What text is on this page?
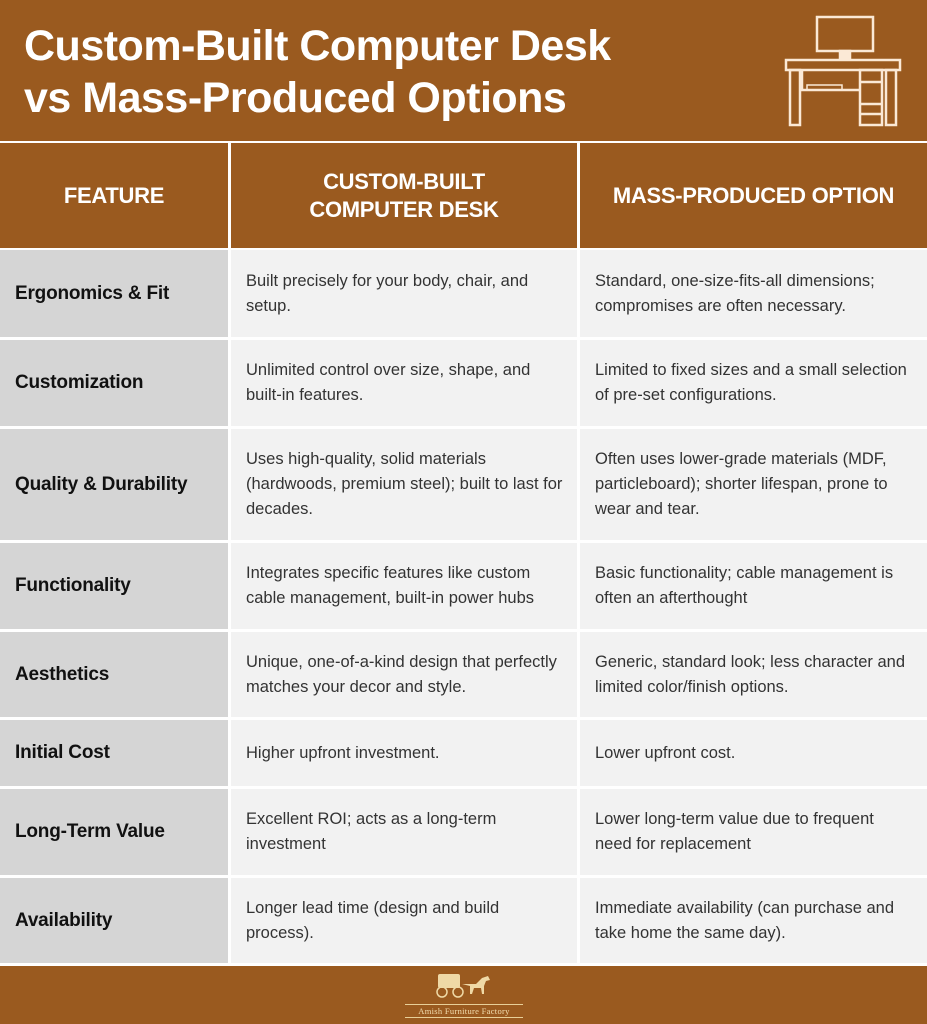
Custom-Built Computer Desk
vs Mass-Produced Options
FEATURE
CUSTOM-BUILT COMPUTER DESK
MASS-PRODUCED OPTION
Ergonomics & Fit
Built precisely for your body, chair, and setup.
Standard, one-size-fits-all dimensions; compromises are often necessary.
Customization
Unlimited control over size, shape, and built-in features.
Limited to fixed sizes and a small selection of pre-set configurations.
Quality & Durability
Uses high-quality, solid materials (hardwoods, premium steel); built to last for decades.
Often uses lower-grade materials (MDF, particleboard); shorter lifespan, prone to wear and tear.
Functionality
Integrates specific features like custom cable management, built-in power hubs
Basic functionality; cable management is often an afterthought
Aesthetics
Unique, one-of-a-kind design that perfectly matches your decor and style.
Generic, standard look; less character and limited color/finish options.
Initial Cost	Higher upfront investment.	Lower upfront cost.
Long-Term Value
Excellent ROI; acts as a long-term investment
Lower long-term value due to frequent need for replacement
Availability
Longer lead time (design and build process).
Immediate availability (can purchase and take home the same day).
Amish Furniture Factory
